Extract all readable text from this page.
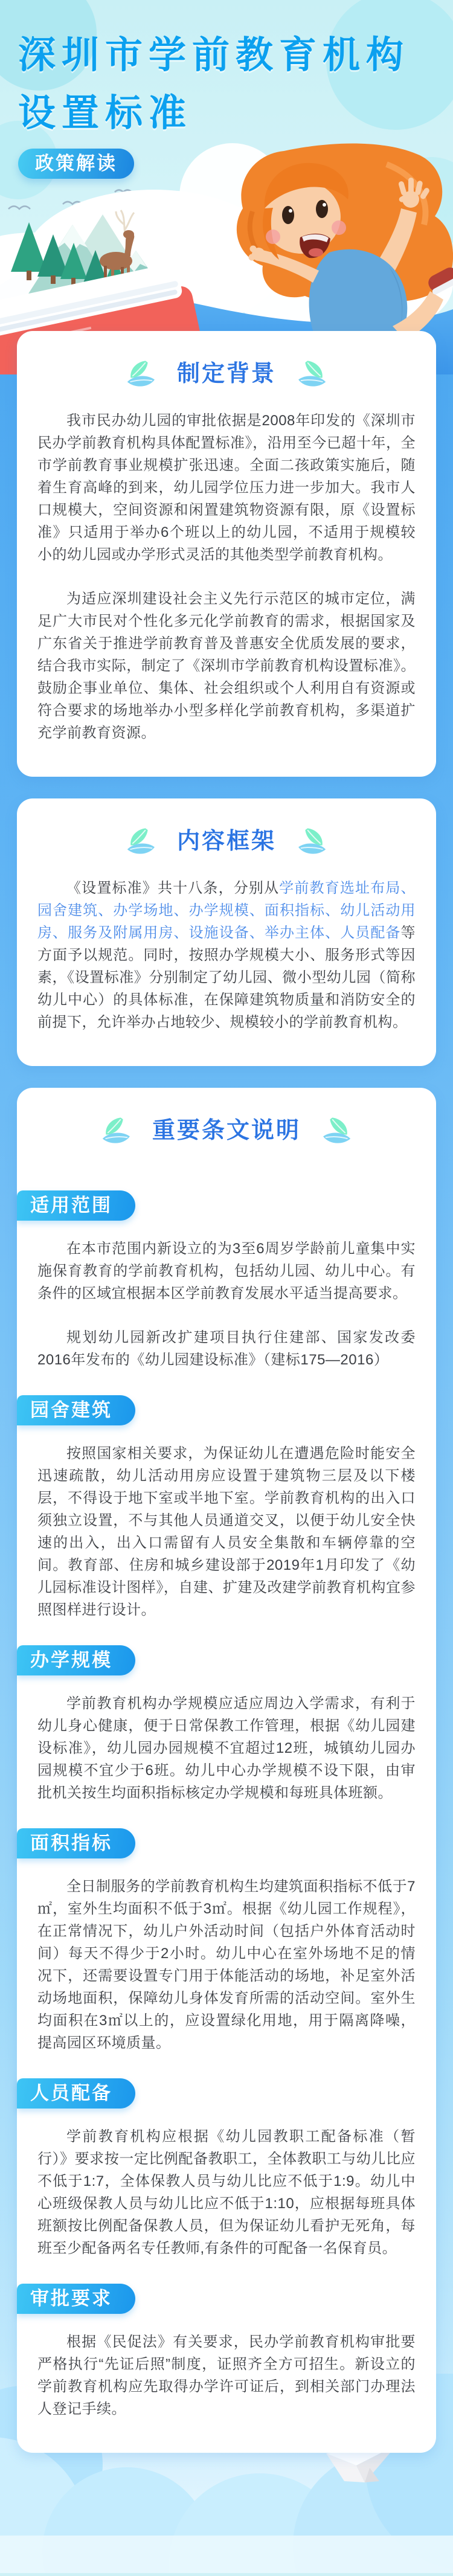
深圳市学前教育机构
设置标准
政策解读
制定背景

我市民办幼儿园的审批依据是2008年印发的《深圳市民办学前教育机构具体配置标准》，沿用至今已超十年，全市学前教育事业规模扩张迅速。全面二孩政策实施后，随着生育高峰的到来，幼儿园学位压力进一步加大。我市人口规模大，空间资源和闲置建筑物资源有限，原《设置标准》只适用于举办6个班以上的幼儿园，不适用于规模较小的幼儿园或办学形式灵活的其他类型学前教育机构。

为适应深圳建设社会主义先行示范区的城市定位，满足广大市民对个性化多元化学前教育的需求，根据国家及广东省关于推进学前教育普及普惠安全优质发展的要求，结合我市实际，制定了《深圳市学前教育机构设置标准》。鼓励企事业单位、集体、社会组织或个人利用自有资源或符合要求的场地举办小型多样化学前教育机构，多渠道扩充学前教育资源。

内容框架

《设置标准》共十八条，分别从学前教育选址布局、园舍建筑、办学场地、办学规模、面积指标、幼儿活动用房、服务及附属用房、设施设备、举办主体、人员配备等方面予以规范。同时，按照办学规模大小、服务形式等因素，《设置标准》分别制定了幼儿园、微小型幼儿园（简称幼儿中心）的具体标准，在保障建筑物质量和消防安全的前提下，允许举办占地较少、规模较小的学前教育机构。

重要条文说明
适用范围

在本市范围内新设立的为3至6周岁学龄前儿童集中实施保育教育的学前教育机构，包括幼儿园、幼儿中心。有条件的区域宜根据本区学前教育发展水平适当提高要求。

规划幼儿园新改扩建项目执行住建部、国家发改委2016年发布的《幼儿园建设标准》（建标175—2016）

园舍建筑

按照国家相关要求，为保证幼儿在遭遇危险时能安全迅速疏散，幼儿活动用房应设置于建筑物三层及以下楼层，不得设于地下室或半地下室。学前教育机构的出入口须独立设置，不与其他人员通道交叉，以便于幼儿安全快速的出入，出入口需留有人员安全集散和车辆停靠的空间。教育部、住房和城乡建设部于2019年1月印发了《幼儿园标准设计图样》，自建、扩建及改建学前教育机构宜参照图样进行设计。

办学规模

学前教育机构办学规模应适应周边入学需求，有利于幼儿身心健康，便于日常保教工作管理，根据《幼儿园建设标准》，幼儿园办园规模不宜超过12班，城镇幼儿园办园规模不宜少于6班。幼儿中心办学规模不设下限，由审批机关按生均面积指标核定办学规模和每班具体班额。

面积指标

全日制服务的学前教育机构生均建筑面积指标不低于7㎡，室外生均面积不低于3㎡。根据《幼儿园工作规程》，在正常情况下，幼儿户外活动时间（包括户外体育活动时间）每天不得少于2小时。幼儿中心在室外场地不足的情况下，还需要设置专门用于体能活动的场地，补足室外活动场地面积，保障幼儿身体发育所需的活动空间。室外生均面积在3㎡以上的，应设置绿化用地，用于隔离降噪，提高园区环境质量。

人员配备

学前教育机构应根据《幼儿园教职工配备标准（暂行）》要求按一定比例配备教职工，全体教职工与幼儿比应不低于1:7，全体保教人员与幼儿比应不低于1:9。幼儿中心班级保教人员与幼儿比应不低于1:10，应根据每班具体班额按比例配备保教人员，但为保证幼儿看护无死角，每班至少配备两名专任教师,有条件的可配备一名保育员。

审批要求

根据《民促法》有关要求，民办学前教育机构审批要严格执行“先证后照”制度，证照齐全方可招生。新设立的学前教育机构应先取得办学许可证后，到相关部门办理法人登记手续。
